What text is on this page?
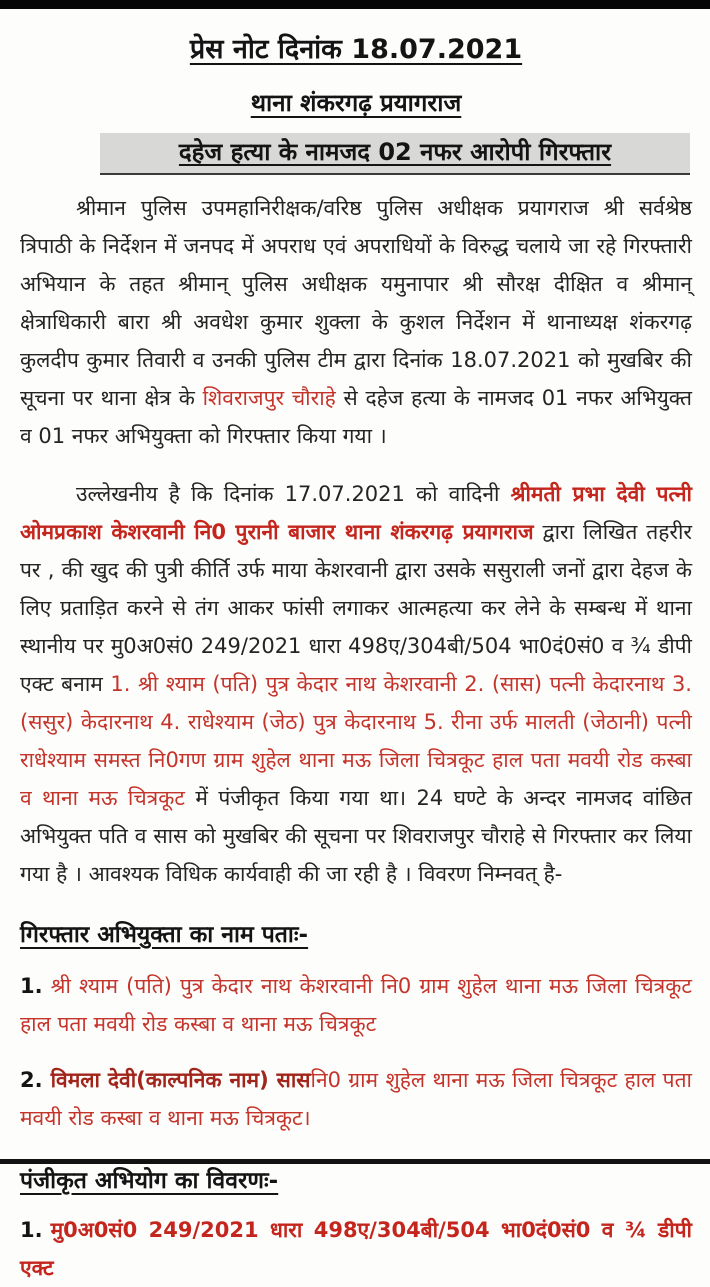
प्रेस नोट दिनांक 18.07.2021
थाना शंकरगढ़ प्रयागराज
दहेज हत्या के नामजद 02 नफर आरोपी गिरफ्तार

श्रीमान पुलिस उपमहानिरीक्षक/वरिष्ठ पुलिस अधीक्षक प्रयागराज श्री सर्वश्रेष्ठ त्रिपाठी के निर्देशन में जनपद में अपराध एवं अपराधियों के विरुद्ध चलाये जा रहे गिरफ्तारी अभियान के तहत श्रीमान् पुलिस अधीक्षक यमुनापार श्री सौरक्ष दीक्षित व श्रीमान् क्षेत्राधिकारी बारा श्री अवधेश कुमार शुक्ला के कुशल निर्देशन में थानाध्यक्ष शंकरगढ़ कुलदीप कुमार तिवारी व उनकी पुलिस टीम द्वारा दिनांक 18.07.2021 को मुखबिर की सूचना पर थाना क्षेत्र के शिवराजपुर चौराहे से दहेज हत्या के नामजद 01 नफर अभियुक्त व 01 नफर अभियुक्ता को गिरफ्तार किया गया ।

उल्लेखनीय है कि दिनांक 17.07.2021 को वादिनी श्रीमती प्रभा देवी पत्नी ओमप्रकाश केशरवानी नि0 पुरानी बाजार थाना शंकरगढ़ प्रयागराज द्वारा लिखित तहरीर पर , की खुद की पुत्री कीर्ति उर्फ माया केशरवानी द्वारा उसके ससुराली जनों द्वारा देहज के लिए प्रताड़ित करने से तंग आकर फांसी लगाकर आत्महत्या कर लेने के सम्बन्ध में थाना स्थानीय पर मु0अ0सं0 249/2021 धारा 498ए/304बी/504 भा0दं0सं0 व ¾ डीपी एक्ट बनाम 1. श्री श्याम (पति) पुत्र केदार नाथ केशरवानी 2. (सास) पत्नी केदारनाथ 3. (ससुर) केदारनाथ 4. राधेश्याम (जेठ) पुत्र केदारनाथ 5. रीना उर्फ मालती (जेठानी) पत्नी राधेश्याम समस्त नि0गण ग्राम शुहेल थाना मऊ जिला चित्रकूट हाल पता मवयी रोड कस्बा व थाना मऊ चित्रकूट में पंजीकृत किया गया था। 24 घण्टे के अन्दर नामजद वांछित अभियुक्त पति व सास को मुखबिर की सूचना पर शिवराजपुर चौराहे से गिरफ्तार कर लिया गया है । आवश्यक विधिक कार्यवाही की जा रही है । विवरण निम्नवत् है-

गिरफ्तार अभियुक्ता का नाम पताः-

1. श्री श्याम (पति) पुत्र केदार नाथ केशरवानी नि0 ग्राम शुहेल थाना मऊ जिला चित्रकूट हाल पता मवयी रोड कस्बा व थाना मऊ चित्रकूट

2. विमला देवी(काल्पनिक नाम) सासनि0 ग्राम शुहेल थाना मऊ जिला चित्रकूट हाल पता मवयी रोड कस्बा व थाना मऊ चित्रकूट।

पंजीकृत अभियोग का विवरणः-

1. मु0अ0सं0 249/2021 धारा 498ए/304बी/504 भा0दं0सं0 व ¾ डीपी एक्ट
